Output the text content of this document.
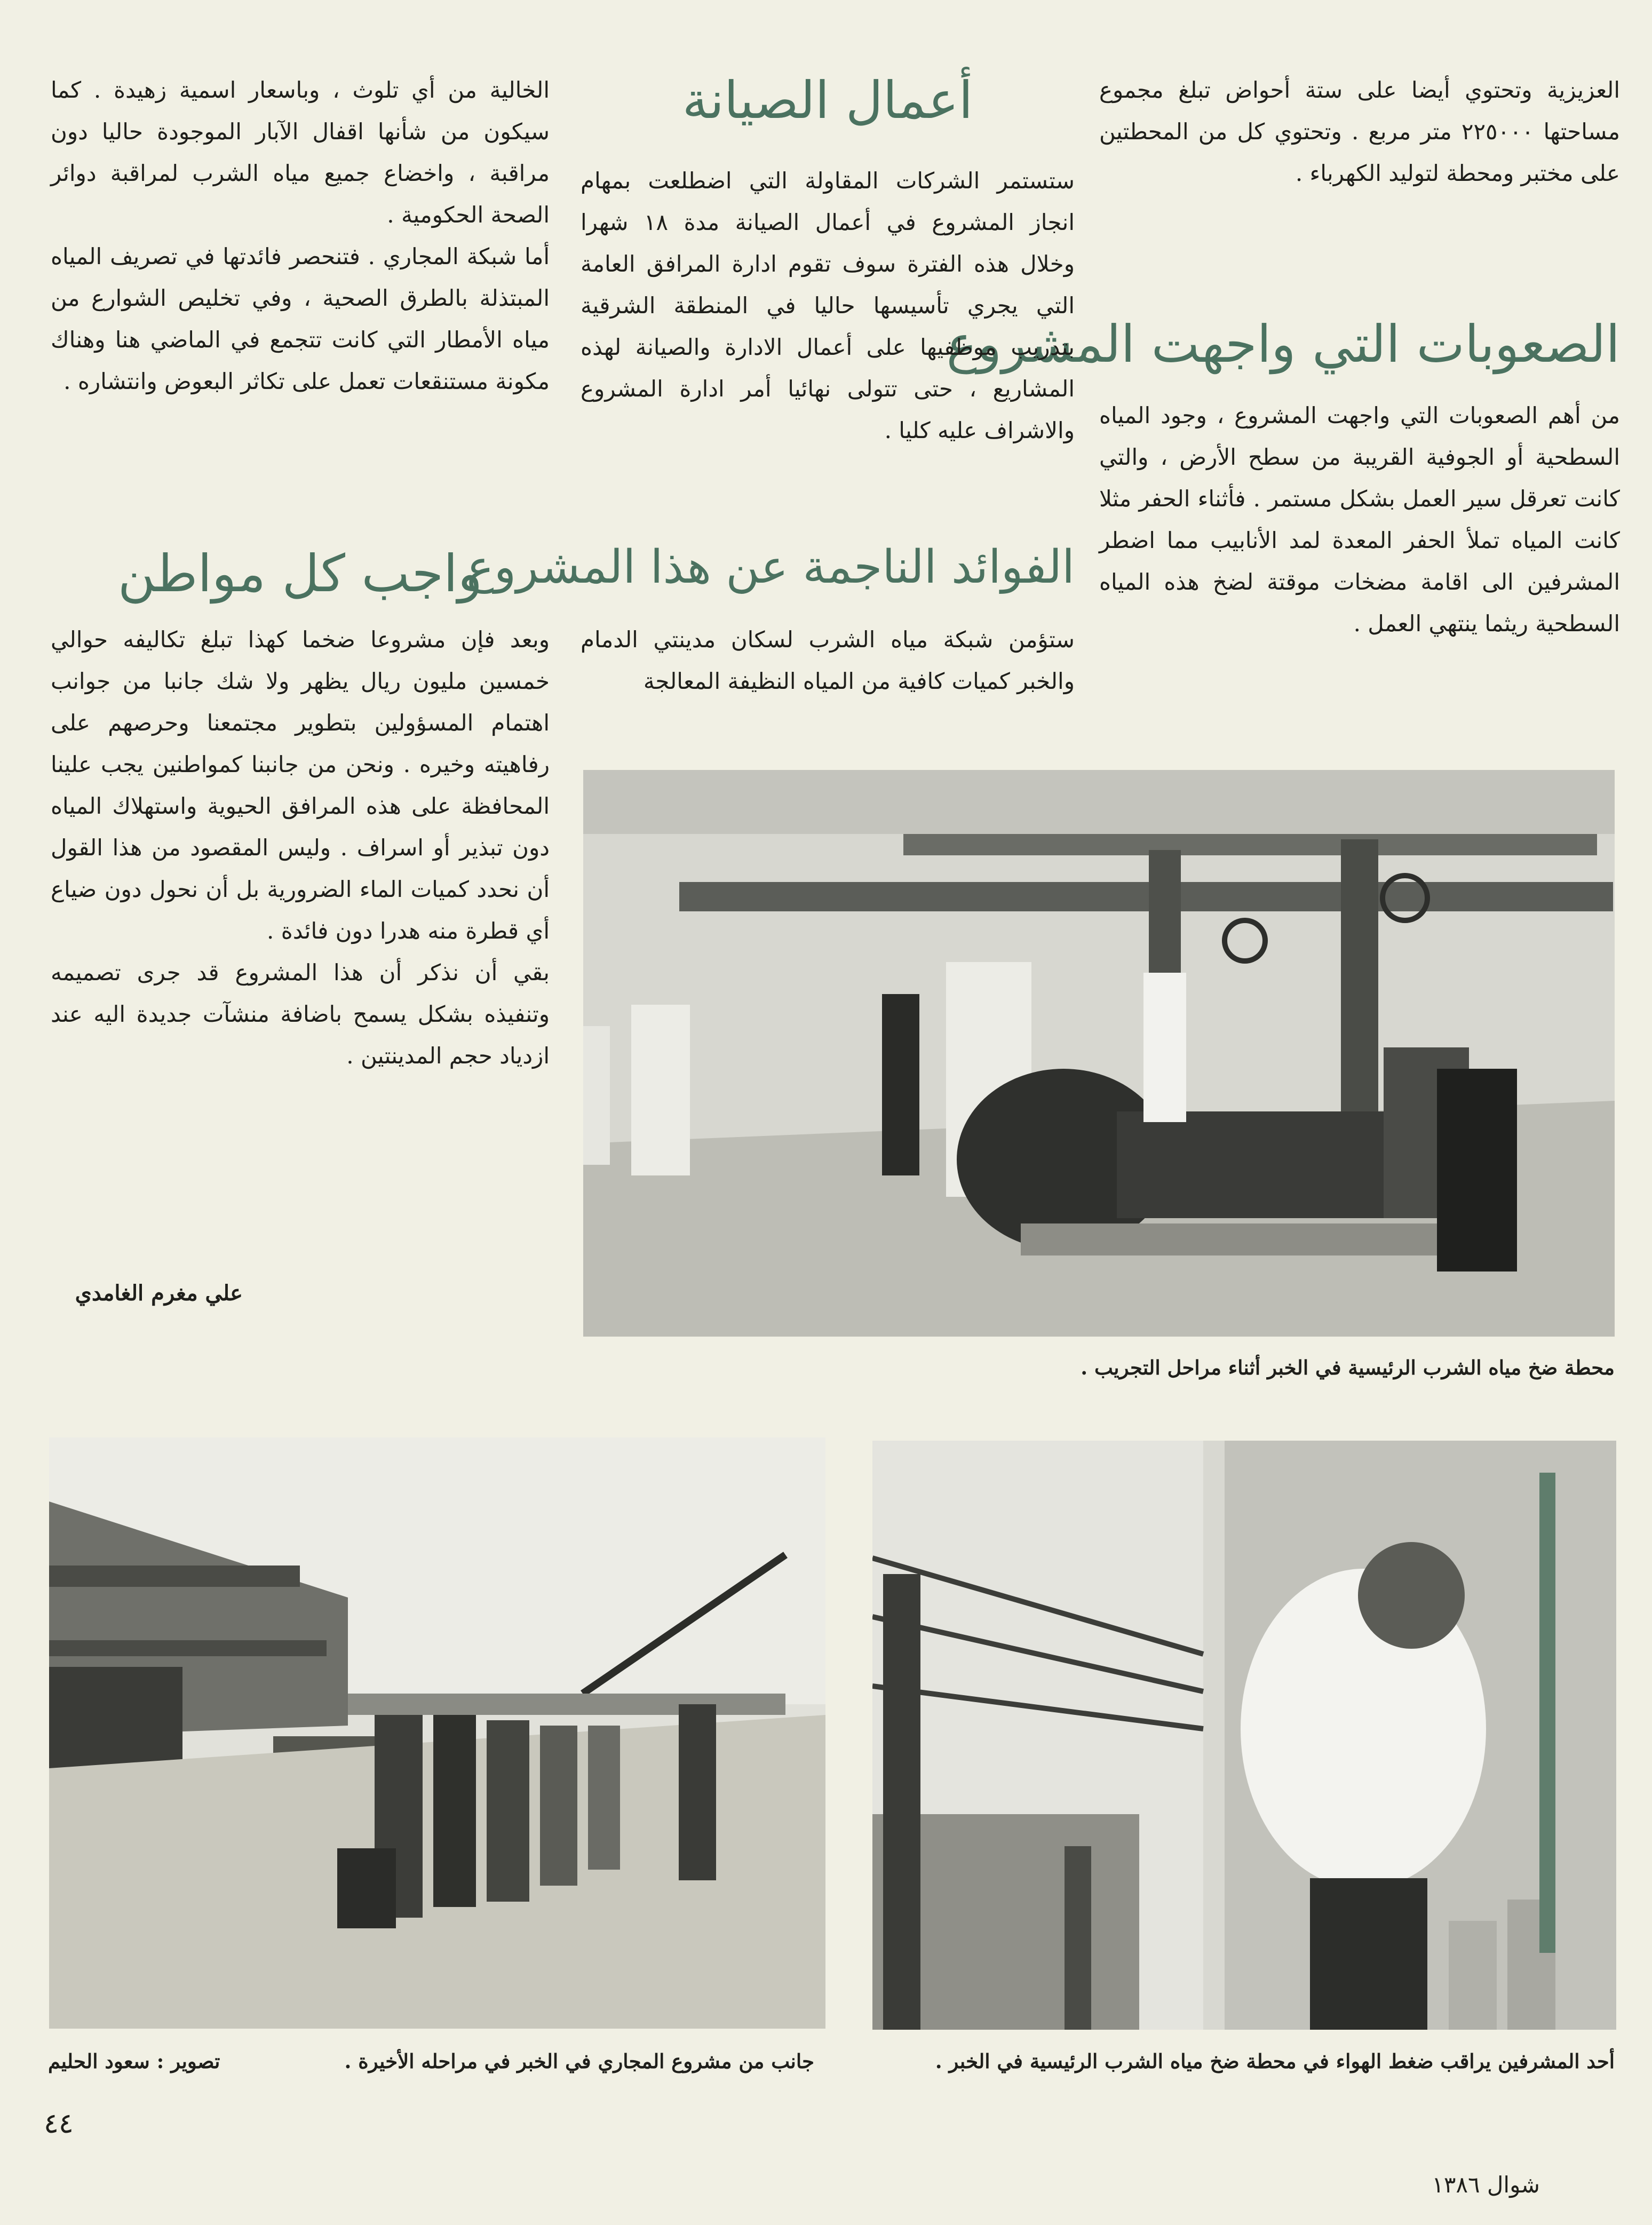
العزيزية وتحتوي أيضا على ستة أحواض تبلغ مجموع مساحتها ٢٢٥٠٠٠ متر مربع . وتحتوي كل من المحطتين على مختبر ومحطة لتوليد الكهرباء .

الصعوبات التي واجهت المشروع

من أهم الصعوبات التي واجهت المشروع ، وجود المياه السطحية أو الجوفية القريبة من سطح الأرض ، والتي كانت تعرقل سير العمل بشكل مستمر . فأثناء الحفر مثلا كانت المياه تملأ الحفر المعدة لمد الأنابيب مما اضطر المشرفين الى اقامة مضخات موقتة لضخ هذه المياه السطحية ريثما ينتهي العمل .

أعمال الصيانة

ستستمر الشركات المقاولة التي اضطلعت بمهام انجاز المشروع في أعمال الصيانة مدة ١٨ شهرا وخلال هذه الفترة سوف تقوم ادارة المرافق العامة التي يجري تأسيسها حاليا في المنطقة الشرقية بتدريب موظفيها على أعمال الادارة والصيانة لهذه المشاريع ، حتى تتولى نهائيا أمر ادارة المشروع والاشراف عليه كليا .

الفوائد الناجمة عن هذا المشروع

ستؤمن شبكة مياه الشرب لسكان مدينتي الدمام والخبر كميات كافية من المياه النظيفة المعالجة

الخالية من أي تلوث ، وباسعار اسمية زهيدة . كما سيكون من شأنها اقفال الآبار الموجودة حاليا دون مراقبة ، واخضاع جميع مياه الشرب لمراقبة دوائر الصحة الحكومية .

أما شبكة المجاري . فتنحصر فائدتها في تصريف المياه المبتذلة بالطرق الصحية ، وفي تخليص الشوارع من مياه الأمطار التي كانت تتجمع في الماضي هنا وهناك مكونة مستنقعات تعمل على تكاثر البعوض وانتشاره .

واجب كل مواطن

وبعد فإن مشروعا ضخما كهذا تبلغ تكاليفه حوالي خمسين مليون ريال يظهر ولا شك جانبا من جوانب اهتمام المسؤولين بتطوير مجتمعنا وحرصهم على رفاهيته وخيره . ونحن من جانبنا كمواطنين يجب علينا المحافظة على هذه المرافق الحيوية واستهلاك المياه دون تبذير أو اسراف . وليس المقصود من هذا القول أن نحدد كميات الماء الضرورية بل أن نحول دون ضياع أي قطرة منه هدرا دون فائدة .

بقي أن نذكر أن هذا المشروع قد جرى تصميمه وتنفيذه بشكل يسمح باضافة منشآت جديدة اليه عند ازدياد حجم المدينتين .

علي مغرم الغامدي
محطة ضخ مياه الشرب الرئيسية في الخبر أثناء مراحل التجريب .
أحد المشرفين يراقب ضغط الهواء في محطة ضخ مياه الشرب الرئيسية في الخبر .
جانب من مشروع المجاري في الخبر في مراحله الأخيرة .
تصوير : سعود الحليم
٤٤
شوال ١٣٨٦
